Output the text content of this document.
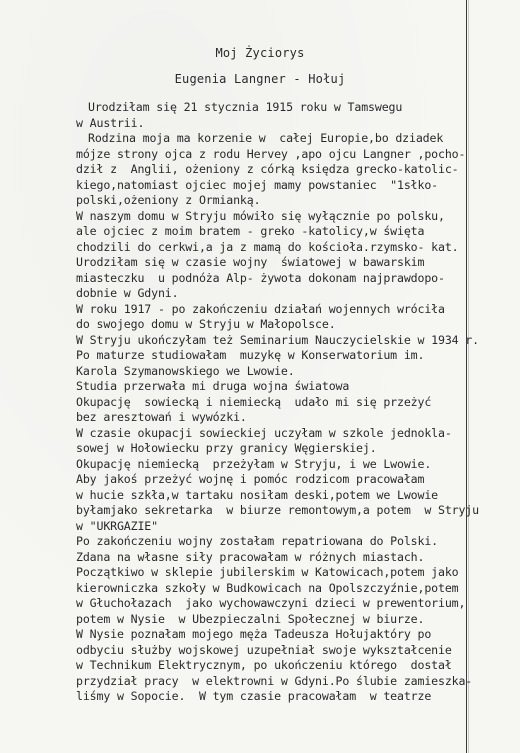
Moj Życiorys
Eugenia Langner - Hołuj
Urodziłam się 21 stycznia 1915 roku w Tamswegu
w Austrii.
Rodzina moja ma korzenie w  całej Europie,bo dziadek
mójze strony ojca z rodu Hervey ,apo ojcu Langner ,pocho-
dził z  Anglii, ożeniony z córką księdza grecko-katolic-
kiego,natomiast ojciec mojej mamy powstaniec  "1słko-
polski,ożeniony z Ormianką.
W naszym domu w Stryju mówiło się wyłącznie po polsku,
ale ojciec z moim bratem - greko -katolicy,w święta
chodzili do cerkwi,a ja z mamą do kościoła.rzymsko- kat.
Urodziłam się w czasie wojny  światowej w bawarskim
miasteczku  u podnóża Alp- żywota dokonam najprawdopo-
dobnie w Gdyni.
W roku 1917 - po zakończeniu działań wojennych wróciła
do swojego domu w Stryju w Małopolsce.
W Stryju ukończyłam też Seminarium Nauczycielskie w 1934 r.
Po maturze studiowałam  muzykę w Konserwatorium im.
Karola Szymanowskiego we Lwowie.
Studia przerwała mi druga wojna światowa
Okupację  sowiecką i niemiecką  udało mi się przeżyć
bez aresztowań i wywózki.
W czasie okupacji sowieckiej uczyłam w szkole jednokla-
sowej w Hołowiecku przy granicy Węgierskiej.
Okupację niemiecką  przeżyłam w Stryju, i we Lwowie.
Aby jakoś przeżyć wojnę i pomóc rodzicom pracowałam
w hucie szkła,w tartaku nosiłam deski,potem we Lwowie
byłamjako sekretarka  w biurze remontowym,a potem  w Stryju
w "UKRGAZIE"
Po zakończeniu wojny zostałam repatriowana do Polski.
Zdana na własne siły pracowałam w różnych miastach.
Początkiwo w sklepie jubilerskim w Katowicach,potem jako
kierowniczka szkoły w Budkowicach na Opolszczyźnie,potem
w Głuchołazach  jako wychowawczyni dzieci w prewentorium,
potem w Nysie  w Ubezpieczalni Społecznej w biurze.
W Nysie poznałam mojego męża Tadeusza Hołujaktóry po
odbyciu służby wojskowej uzupełniał swoje wykształcenie
w Technikum Elektrycznym, po ukończeniu którego  dostał
przydział pracy  w elektrowni w Gdyni.Po ślubie zamieszka-
liśmy w Sopocie.  W tym czasie pracowałam  w teatrze
